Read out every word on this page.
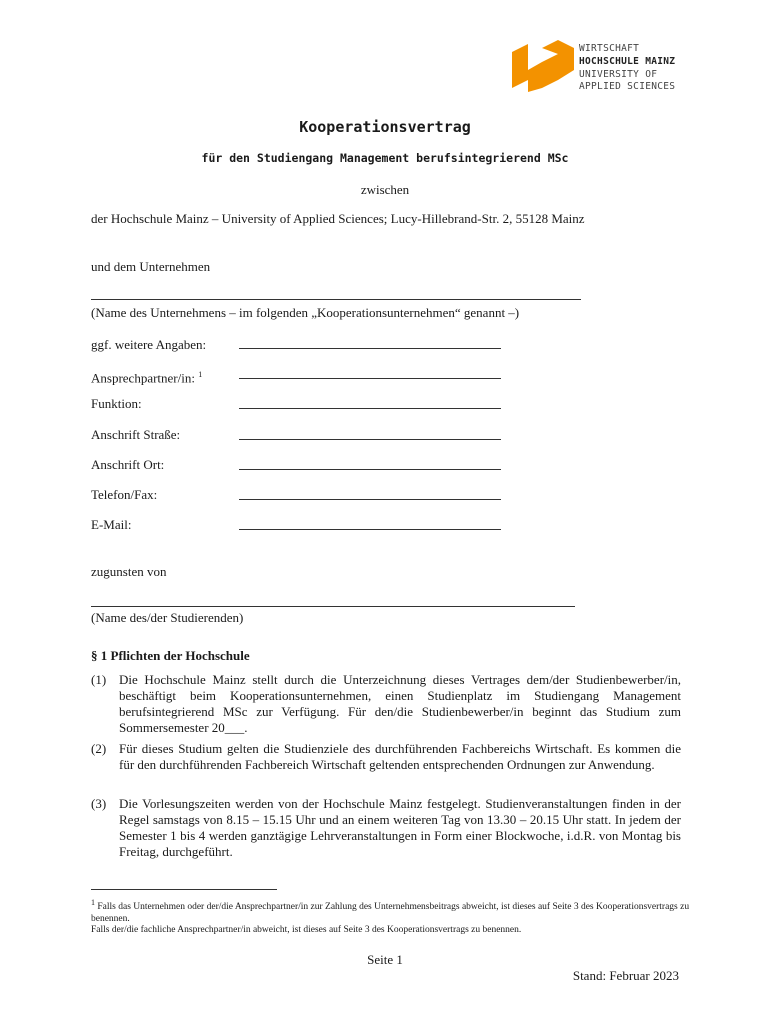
WIRTSCHAFT
HOCHSCHULE MAINZ
UNIVERSITY OF
APPLIED SCIENCES
Kooperationsvertrag
für den Studiengang Management berufsintegrierend MSc
zwischen
der Hochschule Mainz – University of Applied Sciences; Lucy-Hillebrand-Str. 2, 55128 Mainz
und dem Unternehmen
(Name des Unternehmens – im folgenden „Kooperationsunternehmen“ genannt –)
ggf. weitere Angaben:
Ansprechpartner/in: $^1$
Funktion:
Anschrift Straße:
Anschrift Ort:
Telefon/Fax:
E-Mail:
zugunsten von
(Name des/der Studierenden)
§ 1 Pflichten der Hochschule
(1) Die Hochschule Mainz stellt durch die Unterzeichnung dieses Vertrages dem/der Studienbewerber/in, beschäftigt beim Kooperationsunternehmen, einen Studienplatz im Studiengang Management berufsintegrierend MSc zur Verfügung. Für den/die Studienbewerber/in beginnt das Studium zum Sommersemester 20___.
(2) Für dieses Studium gelten die Studienziele des durchführenden Fachbereichs Wirtschaft. Es kommen die für den durchführenden Fachbereich Wirtschaft geltenden entsprechenden Ordnungen zur Anwendung.
(3) Die Vorlesungszeiten werden von der Hochschule Mainz festgelegt. Studienveranstaltungen finden in der Regel samstags von 8.15 – 15.15 Uhr und an einem weiteren Tag von 13.30 – 20.15 Uhr statt. In jedem der Semester 1 bis 4 werden ganztägige Lehrveranstaltungen in Form einer Blockwoche, i.d.R. von Montag bis Freitag, durchgeführt.
$^1$ Falls das Unternehmen oder der/die Ansprechpartner/in zur Zahlung des Unternehmensbeitrags abweicht, ist dieses auf Seite 3 des Kooperationsvertrags zu benennen.
Falls der/die fachliche Ansprechpartner/in abweicht, ist dieses auf Seite 3 des Kooperationsvertrags zu benennen.
Seite 1
Stand: Februar 2023
